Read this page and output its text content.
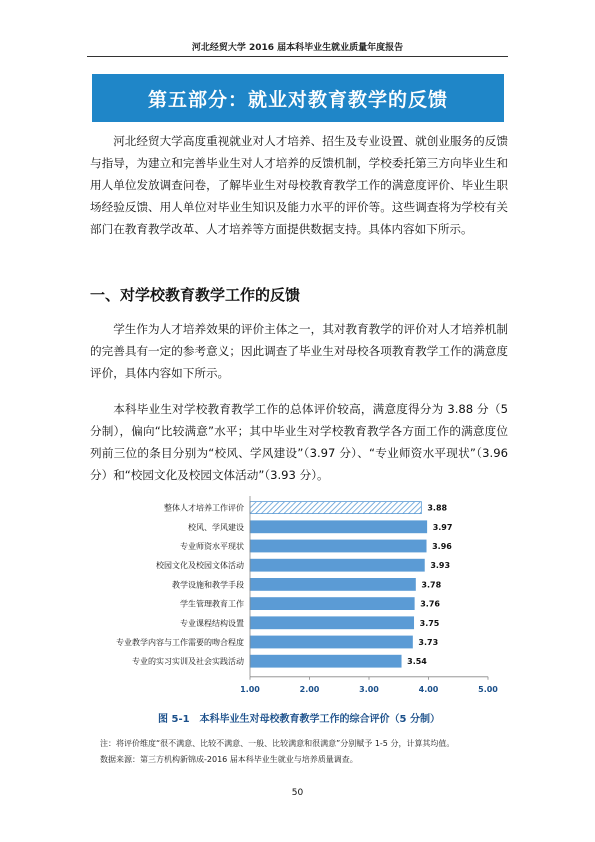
河北经贸大学 2016 届本科毕业生就业质量年度报告
第五部分：就业对教育教学的反馈

河北经贸大学高度重视就业对人才培养、招生及专业设置、就创业服务的反馈与指导，为建立和完善毕业生对人才培养的反馈机制，学校委托第三方向毕业生和用人单位发放调查问卷，了解毕业生对母校教育教学工作的满意度评价、毕业生职场经验反馈、用人单位对毕业生知识及能力水平的评价等。这些调查将为学校有关部门在教育教学改革、人才培养等方面提供数据支持。具体内容如下所示。

一、对学校教育教学工作的反馈

学生作为人才培养效果的评价主体之一，其对教育教学的评价对人才培养机制的完善具有一定的参考意义；因此调查了毕业生对母校各项教育教学工作的满意度评价，具体内容如下所示。

本科毕业生对学校教育教学工作的总体评价较高，满意度得分为 3.88 分（5 分制），偏向“比较满意”水平；其中毕业生对学校教育教学各方面工作的满意度位列前三位的条目分别为“校风、学风建设”（3.97 分）、“专业师资水平现状”（3.96 分）和“校园文化及校园文体活动”（3.93 分）。

整体人才培养工作评价	3.88
校风、学风建设	3.97
专业师资水平现状	3.96
校园文化及校园文体活动	3.93
教学设施和教学手段	3.78
学生管理教育工作	3.76
专业课程结构设置	3.75
专业教学内容与工作需要的吻合程度	3.73
专业的实习实训及社会实践活动	3.54
1.00	2.00	3.00	4.00	5.00
图 5-1　本科毕业生对母校教育教学工作的综合评价（5 分制）
注：将评价维度“很不满意、比较不满意、一般、比较满意和很满意”分别赋予 1-5 分，计算其均值。
数据来源：第三方机构新锦成-2016 届本科毕业生就业与培养质量调查。
50
